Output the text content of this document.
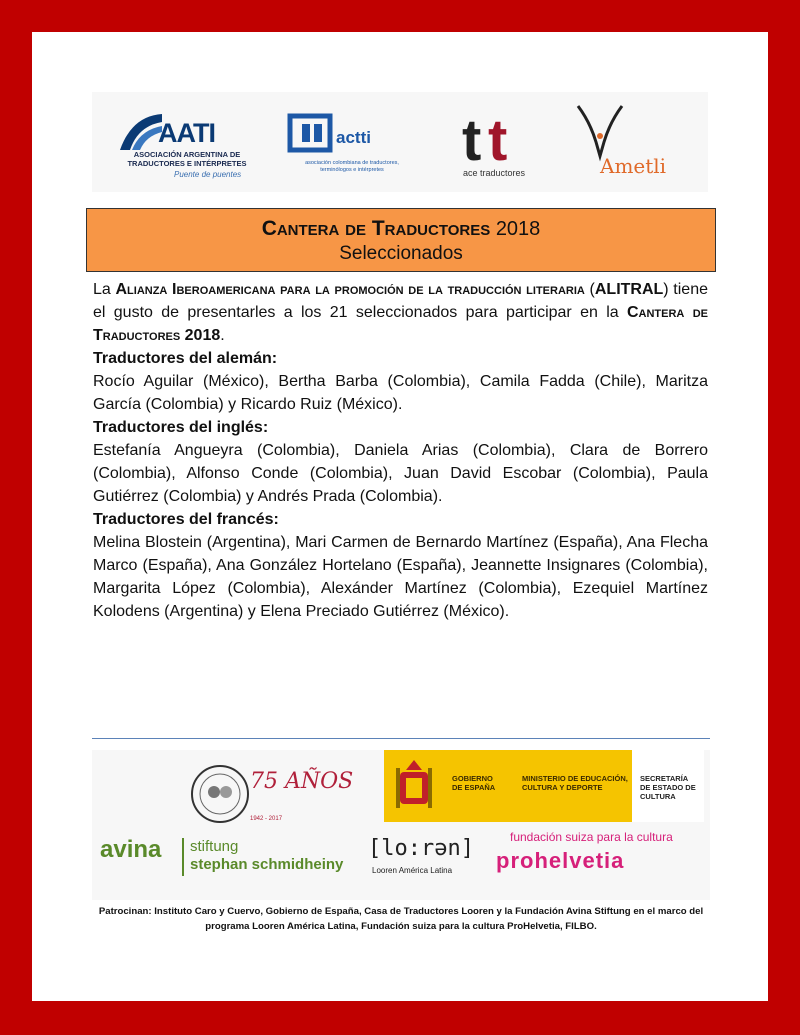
AATI
ASOCIACIÓN ARGENTINA DE
TRADUCTORES E INTÉRPRETES
Puente de puentes
actti
asociación colombiana de traductores,
terminólogos e intérpretes	t t
ace traductores	Ametli
Cantera de Traductores 2018
Seleccionados

La Alianza Iberoamericana para la promoción de la traducción literaria (ALITRAL) tiene el gusto de presentarles a los 21 seleccionados para participar en la Cantera de Traductores 2018.

Traductores del alemán:

Rocío Aguilar (México), Bertha Barba (Colombia), Camila Fadda (Chile), Maritza García (Colombia) y Ricardo Ruiz (México).

Traductores del inglés:

Estefanía Angueyra (Colombia), Daniela Arias (Colombia), Clara de Borrero (Colombia), Alfonso Conde (Colombia), Juan David Escobar (Colombia), Paula Gutiérrez (Colombia) y Andrés Prada (Colombia).

Traductores del francés:

Melina Blostein (Argentina), Mari Carmen de Bernardo Martínez (España), Ana Flecha Marco (España), Ana González Hortelano (España), Jeannette Insignares (Colombia), Margarita López (Colombia), Alexánder Martínez (Colombia), Ezequiel Martínez Kolodens (Argentina) y Elena Preciado Gutiérrez (México).

75 AÑOS
1942 - 2017
GOBIERNO DE ESPAÑA
MINISTERIO DE EDUCACIÓN, CULTURA Y DEPORTE
SECRETARÍA DE ESTADO DE CULTURA
avina stiftung
stephan schmidheiny
[lo:rən]
Looren América Latina
fundación suiza para la cultura
prohelvetia
Patrocinan: Instituto Caro y Cuervo, Gobierno de España, Casa de Traductores Looren y la Fundación Avina Stiftung en el marco del programa Looren América Latina, Fundación suiza para la cultura ProHelvetia, FILBO.
